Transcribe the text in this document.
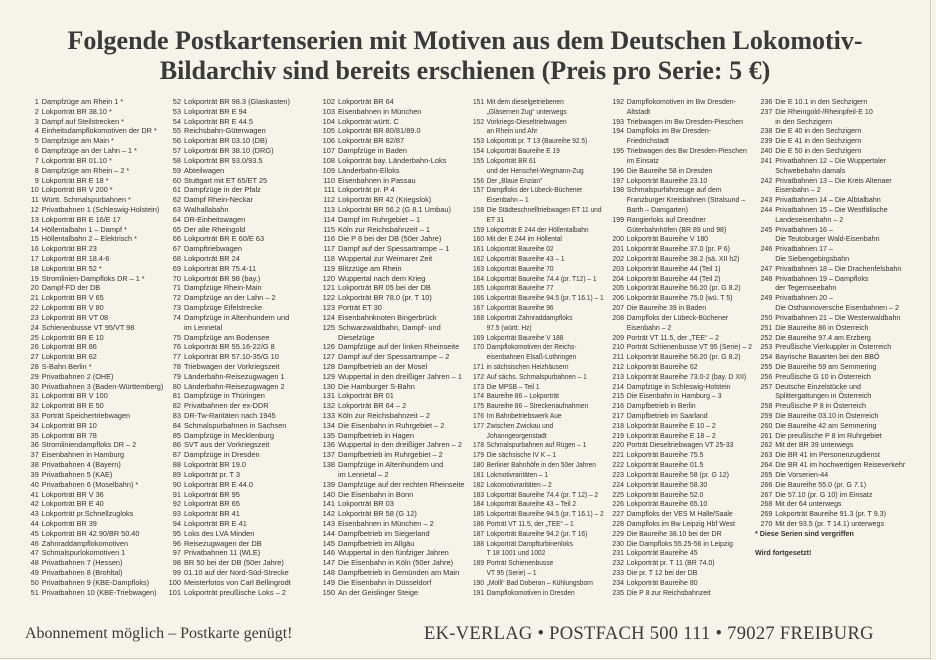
Folgende Postkartenserien mit Motiven aus dem Deutschen Lokomotiv-
Bildarchiv sind bereits erschienen (Preis pro Serie: 5 €)
1 Dampfzüge am Rhein 1 *
2 Lokporträt BR 38.10 *
3 Dampf auf Steilstrecken *
4 Einheitsdampflokomotiven der DR *
5 Dampfzüge am Main *
6 Dampfzüge an der Lahn – 1 *
7 Lokporträt BR 01.10 *
8 Dampfzüge am Rhein – 2 *
9 Lokporträt BR E 18 *
10 Lokporträt BR V 200 *
11 Württ. Schmalspurbahnen *
12 Privatbahnen 1 (Schleswig-Holstein)
13 Lokporträt BR E 16/E 17
14 Höllentalbahn 1 – Dampf *
15 Höllentalbahn 2 – Elektrisch *
16 Lokporträt BR 23
17 Lokporträt BR 18.4-6
18 Lokporträt BR 52 *
19 Stromlinien-Dampfloks DR – 1 *
20 Dampf-FD der DB
21 Lokporträt BR V 65
22 Lokporträt BR V 80
23 Lokporträt BR VT 08
24 Schienenbusse VT 95/VT 98
25 Lokporträt BR E 10
26 Lokporträt BR 86
27 Lokporträt BR 62
28 S-Bahn Berlin *
29 Privatbahnen 2 (OHE)
30 Privatbahnen 3 (Baden-Württemberg)
31 Lokporträt BR V 100
32 Lokporträt BR E 50
33 Porträt Speichertriebwagen
34 Lokporträt BR 10
35 Lokporträt BR 78
36 Stromliniendampfloks DR – 2
37 Eisenbahnen in Hamburg
38 Privatbahnen 4 (Bayern)
39 Privatbahnen 5 (KAE)
40 Privatbahnen 6 (Moselbahn) *
41 Lokporträt BR V 36
42 Lokporträt BR E 40
43 Lokporträt pr.Schnellzugloks
44 Lokporträt BR 39
45 Lokporträt BR 42.90/BR 50.40
46 Zahnraddampflokomotiven
47 Schmalspurlokomotiven 1
48 Privatbahnen 7 (Hessen)
49 Privatbahnen 8 (Brohltal)
50 Privatbahnen 9 (KBE-Dampfloks)
51 Privatbahnen 10 (KBE-Triebwagen)
52 Lokporträt BR 98.3 (Glaskasten)
53 Lokporträt BR E 94
54 Lokporträt BR E 44.5
55 Reichsbahn-Güterwagen
56 Lokporträt BR 03.10 (DB)
57 Lokporträt BR 38.10 (DRG)
58 Lokporträt BR 93.0/93.5
59 Abteilwagen
60 Stuttgart mit ET 65/ET 25
61 Dampfzüge in der Pfalz
62 Dampf Rhein-Neckar
63 Walhallabahn
64 DR-Einheitswagen
65 Der alte Rheingold
66 Lokporträt BR E 60/E 63
67 Dampftriebwagen
68 Lokporträt BR 24
69 Lokporträt BR 75.4-11
70 Lokporträt BR 98 (bay.)
71 Dampfzüge Rhein-Main
72 Dampfzüge an der Lahn – 2
73 Dampfzüge Eifelstrecke
74 Dampfzüge in Altenhundem und
im Lennetal
75 Dampfzüge am Bodensee
76 Lokporträt BR 55.16-22/G 8
77 Lokporträt BR 57.10-35/G 10
78 Triebwagen der Vorkriegszeit
79 Länderbahn-Reisezugwagen 1
80 Länderbahn-Reisezugwagen 2
81 Dampfzüge in Thüringen
82 Privatbahnen der ex-DDR
83 DR-Tw-Raritäten nach 1945
84 Schmalspurbahnen in Sachsen
85 Dampfzüge in Mecklenburg
86 SVT aus der Vorkriegszeit
87 Dampfzüge in Dresden
88 Lokporträt BR 19.0
89 Lokporträt pr. T 3
90 Lokporträt BR E 44.0
91 Lokporträt BR 95
92 Lokporträt BR 65
93 Lokporträt BR 41
94 Lokporträt BR E 41
95 Loks des LVA Minden
96 Reisezugwagen der DB
97 Privatbahnen 11 (WLE)
98 BR 50 bei der DB (50er Jahre)
99 01.10 auf der Nord-Süd-Strecke
100 Meisterfotos von Carl Bellingrodt
101 Lokporträt preußische Loks – 2
102 Lokporträt BR 64
103 Eisenbahnen in München
104 Lokporträt württ. C
105 Lokporträt BR 80/81/89.0
106 Lokporträt BR 82/87
107 Dampfzüge in Baden
108 Lokporträt bay. Länderbahn-Loks
109 Länderbahn-Elloks
110 Eisenbahnen in Passau
111 Lokporträt pr. P 4
112 Lokporträt BR 42 (Kriegslok)
113 Lokporträt BR 56.2 (G 8.1 Umbau)
114 Dampf im Ruhrgebiet – 1
115 Köln zur Reichsbahnzeit – 1
116 Die P 8 bei der DB (50er Jahre)
117 Dampf auf der Spessartrampe – 1
118 Wuppertal zur Weimarer Zeit
119 Blitzzüge am Rhein
120 Wuppertal nach dem Krieg
121 Lokporträt BR 05 bei der DB
122 Lokporträt BR 78.0 (pr. T 10)
123 Porträt ET 30
124 Eisenbahnknoten Bingerbrück
125 Schwarzwaldbahn, Dampf- und
Dieselzüge
126 Dampfzüge auf der linken Rheinseite
127 Dampf auf der Spessartrampe – 2
128 Dampfbetrieb an der Mosel
129 Wuppertal in den dreißiger Jahren – 1
130 Die Hamburger S-Bahn
131 Lokporträt BR 01
132 Lokporträt BR 64 – 2
133 Köln zur Reichsbahnzeit – 2
134 Die Eisenbahn in Ruhrgebiet – 2
135 Dampfbetrieb in Hagen
136 Wuppertal in den dreißiger Jahren – 2
137 Dampfbetrieb im Ruhrgebiet – 2
138 Dampfzüge in Altenhundem und
im Lennetal – 2
139 Dampfzüge auf der rechten Rheinseite
140 Die Eisenbahn in Bonn
141 Lokporträt BR 03
142 Lokporträt BR 58 (G 12)
143 Eisenbahnen in München – 2
144 Dampfbetrieb im Siegerland
145 Dampfbetrieb im Allgäu
146 Wuppertal in den fünfziger Jahren
147 Die Eisenbahn in Köln (50er Jahre)
148 Dampfbetrieb in Gemünden am Main
149 Die Eisenbahn in Düsseldorf
150 An der Geislinger Steige
151 Mit dem dieselgetriebenen
„Gläsernen Zug“ unterwegs
152 Vorkriegs-Dieseltriebwagen
an Rhein und Ahr
153 Lokporträt pr. T 13 (Baureihe 92.5)
154 Lokporträt Baureihe E 19
155 Lokporträt BR 61
und der Henschel-Wegmann-Zug
156 Der „Blaue Enzian“
157 Dampfloks der Lübeck-Büchener
Eisenbahn – 1
158 Die Städteschnelltriebwagen ET 11 und
ET 31
159 Lokporträt E 244 der Höllentalbahn
160 Mit der E 244 im Höllental
161 Lokporträt Baureihe 02
162 Lokporträt Baureihe 43 – 1
163 Lokporträt Baureihe 70
164 Lokporträt Baureihe 74.4 (pr. T12) – 1
165 Lokporträt Baureihe 77
166 Lokporträt Baureihe 94.5 (pr. T 16.1) – 1
167 Lokporträt Baureihe 96
168 Lokporträt Zahnraddampfloks
97.5 (württ. Hz)
169 Lokporträt Baureihe V 188
170 Dampflokomotiven der Reichs-
eisenbahnen Elsaß-Lothringen
171 in sächsischen Heizhäusern
172 Auf sächs. Schmalspurbahnen – 1
173 Die MPSB – Teil 1
174 Baureihe 86 – Lokporträt
175 Baureihe 86 – Streckenaufnahmen
176 Im Bahnbetriebswerk Aue
177 Zwischen Zwickau und
Johanngeorgenstadt
178 Schmalspurbahnen auf Rügen – 1
179 Die sächsische IV K – 1
180 Berliner Bahnhöfe in den 50er Jahren
181 Lokmotivraritäten – 1
182 Lokomotivraritäten – 2
183 Lokporträt Baureihe 74.4 (pr. T 12) – 2
184 Lokporträt Baureihe 43 – Teil 2
185 Lokporträt Baureihe 94.5 (pr. T 16.1) – 2
186 Porträt VT 11.5, der „TEE“ – 1
187 Lokporträt Baureihe 94.2 (pr. T 16)
188 Lokporträt Dampfturbinenloks
T 18 1001 und 1002
189 Porträt Schienenbusse
VT 95 (Serie) – 1
190 „Molli“ Bad Doberan – Kühlungsborn
191 Dampflokomotiven in Dresden
192 Dampflokomotiven im Bw Dresden-
Altstadt
193 Triebwagen im Bw Dresden-Pieschen
194 Dampfloks im Bw Dresden-
Friedrichstadt
195 Triebwagen des Bw Dresden-Pieschen
im Einsatz
196 Die Baureihe 58 in Dresden
197 Lokporträt Baureihe 23.10
198 Schmalspurfahrzeuge auf dem
Franzburger Kreisbahnen (Stralsund –
Barth – Damgarten)
199 Rangierloks auf Dresdner
Güterbahnhöfen (BR 89 und 98)
200 Lokporträt Baureihe V 180
201 Lokporträt Baureihe 37.0 (pr. P 6)
202 Lokporträt Baureihe 38.2 (sä. XII h2)
203 Lokporträt Baureihe 44 (Teil 1)
204 Lokporträt Baureihe 44 (Teil 2)
205 Lokporträt Baureihe 56.20 (pr. G 8.2)
206 Lokporträt Baureihe 75.0 (wü. T 5)
207 Die Baureihe 39 in Baden
208 Dampfloks der Lübeck-Büchener
Eisenbahn – 2
209 Porträt VT 11.5, der „TEE“ – 2
210 Porträt Schienenbusse VT 95 (Serie) – 2
211 Lokporträt Baureihe 56.20 (pr. G 8.2)
212 Lokporträt Baureihe 62
213 Lokporträt Baureihe 73.0-2 (bay. D XII)
214 Dampfzüge in Schleswig-Holstein
215 Die Eisenbahn in Hamburg – 3
216 Dampfbetrieb in Berlin
217 Dampfbetrieb im Saarland
218 Lokporträt Baureihe E 10 – 2
219 Lokporträt Baureihe E 18 – 2
220 Porträt Dieseltriebwagen VT 25-33
221 Lokporträt Baureihe 75.5
222 Lokporträt Baureihe 01.5
223 Lokporträt Baureihe 58 (pr. G 12)
224 Lokporträt Baureihe 58.30
225 Lokporträt Baureihe 52.0
226 Lokporträt Baureihe 65.10
227 Dampfloks der VES M Halle/Saale
228 Dampfloks im Bw Leipzig Hbf West
229 Die Baureihe 38.10 bei der DR
230 Die Dampfloks 55.25-56 in Leipzig
231 Lokporträt Baureihe 45
232 Lokporträt pr. T 11 (BR 74.0)
233 Die pr. T 12 bei der DB
234 Lokporträt Baureihe 80
235 Die P 8 zur Reichsbahnzeit
236 Die E 10.1 in den Sechzigern
237 Die Rheingold-/Rheinpfeil-E 10
in den Sechzigern
238 Die E 40 in den Sechzigern
239 Die E 41 in den Sechzigern
240 Die E 50 in den Sechzigern
241 Privatbahnen 12 – Die Wuppertaler
Schwebebahn damals
242 Privatbahnen 13 – Die Kreis Altenaer
Eisenbahn – 2
243 Privatbahnen 14 – Die Albtalbahn
244 Privatbahnen 15 – Die Westfälische
Landeseisenbahn – 2
245 Privatbahnen 16 –
Die Teutoburger Wald-Eisenbahn
246 Privatbahnen 17 –
Die Siebengebirgsbahn
247 Privatbahnen 18 – Die Drachenfelsbahn
248 Privatbahnen 19 – Dampfloks
der Tegernseebahn
249 Privatbahnen 20 –
Die Osthannoversche Eisenbahnen – 2
250 Privatbahnen 21 – Die Westerwaldbahn
251 Die Baureihe 86 in Österreich
252 Die Baureihe 97.4 am Erzberg
253 Preußische Vierkuppler in Österreich
254 Bayrische Bauarten bei den BBÖ
255 Die Baureihe 59 am Semmering
256 Preußische G 10 in Österreich
257 Deutsche Einzelstücke und
Splittergattungen in Österreich
258 Preußische P 8 in Österreich
259 Die Baureihe 03.10 in Österreich
260 Die Baureihe 42 am Semmering
261 Die preußische P 8 im Ruhrgebiet
262 Mit der BR 39 unterwegs
263 Die BR 41 im Personenzugdienst
264 Die BR 41 im hochwertigen Reiseverkehr
265 Die Vorserien-44
266 Die Baureihe 55.0 (pr. G 7.1)
267 Die 57.10 (pr. G 10) im Einsatz
268 Mit der 64 unterwegs
269 Lokporträt Baureihe 91.3 (pr. T 9.3)
270 Mit der 93.5 (pr. T 14.1) unterwegs
* Diese Serien sind vergriffen
Wird fortgesetzt!
Abonnement möglich – Postkarte genügt!	EK-VERLAG • POSTFACH 500 111 • 79027 FREIBURG
